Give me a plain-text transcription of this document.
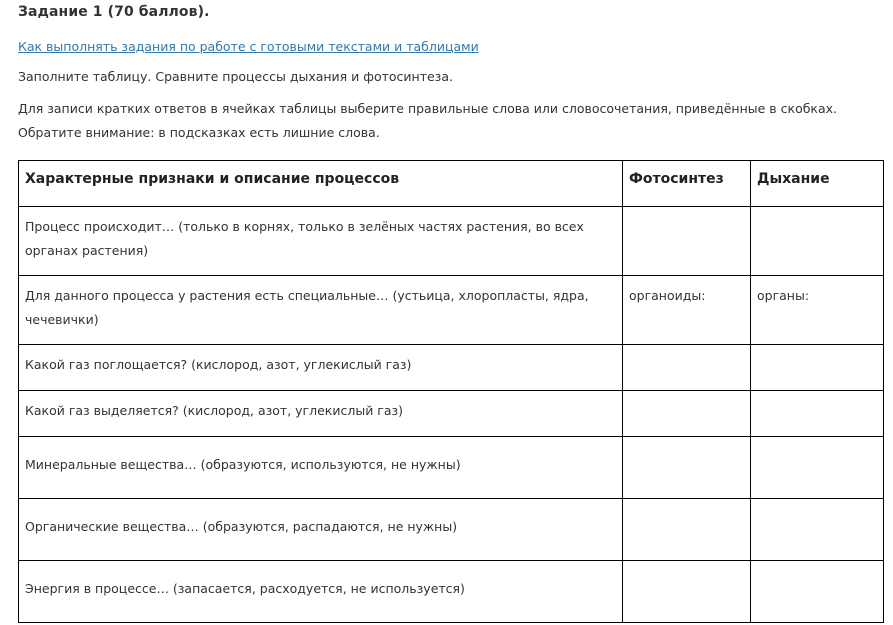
Задание 1 (70 баллов).
Как выполнять задания по работе с готовыми текстами и таблицами
Заполните таблицу. Сравните процессы дыхания и фотосинтеза.
Для записи кратких ответов в ячейках таблицы выберите правильные слова или словосочетания, приведённые в скобках. Обратите внимание: в подсказках есть лишние слова.
Характерные признаки и описание процессов	Фотосинтез	Дыхание
Процесс происходит… (только в корнях, только в зелёных частях растения, во всех органах растения)		
Для данного процесса у растения есть специальные… (устьица, хлоропласты, ядра, чечевички)	органоиды:	органы:
Какой газ поглощается? (кислород, азот, углекислый газ)		
Какой газ выделяется? (кислород, азот, углекислый газ)		
Минеральные вещества… (образуются, используются, не нужны)		
Органические вещества… (образуются, распадаются, не нужны)		
Энергия в процессе… (запасается, расходуется, не используется)		
